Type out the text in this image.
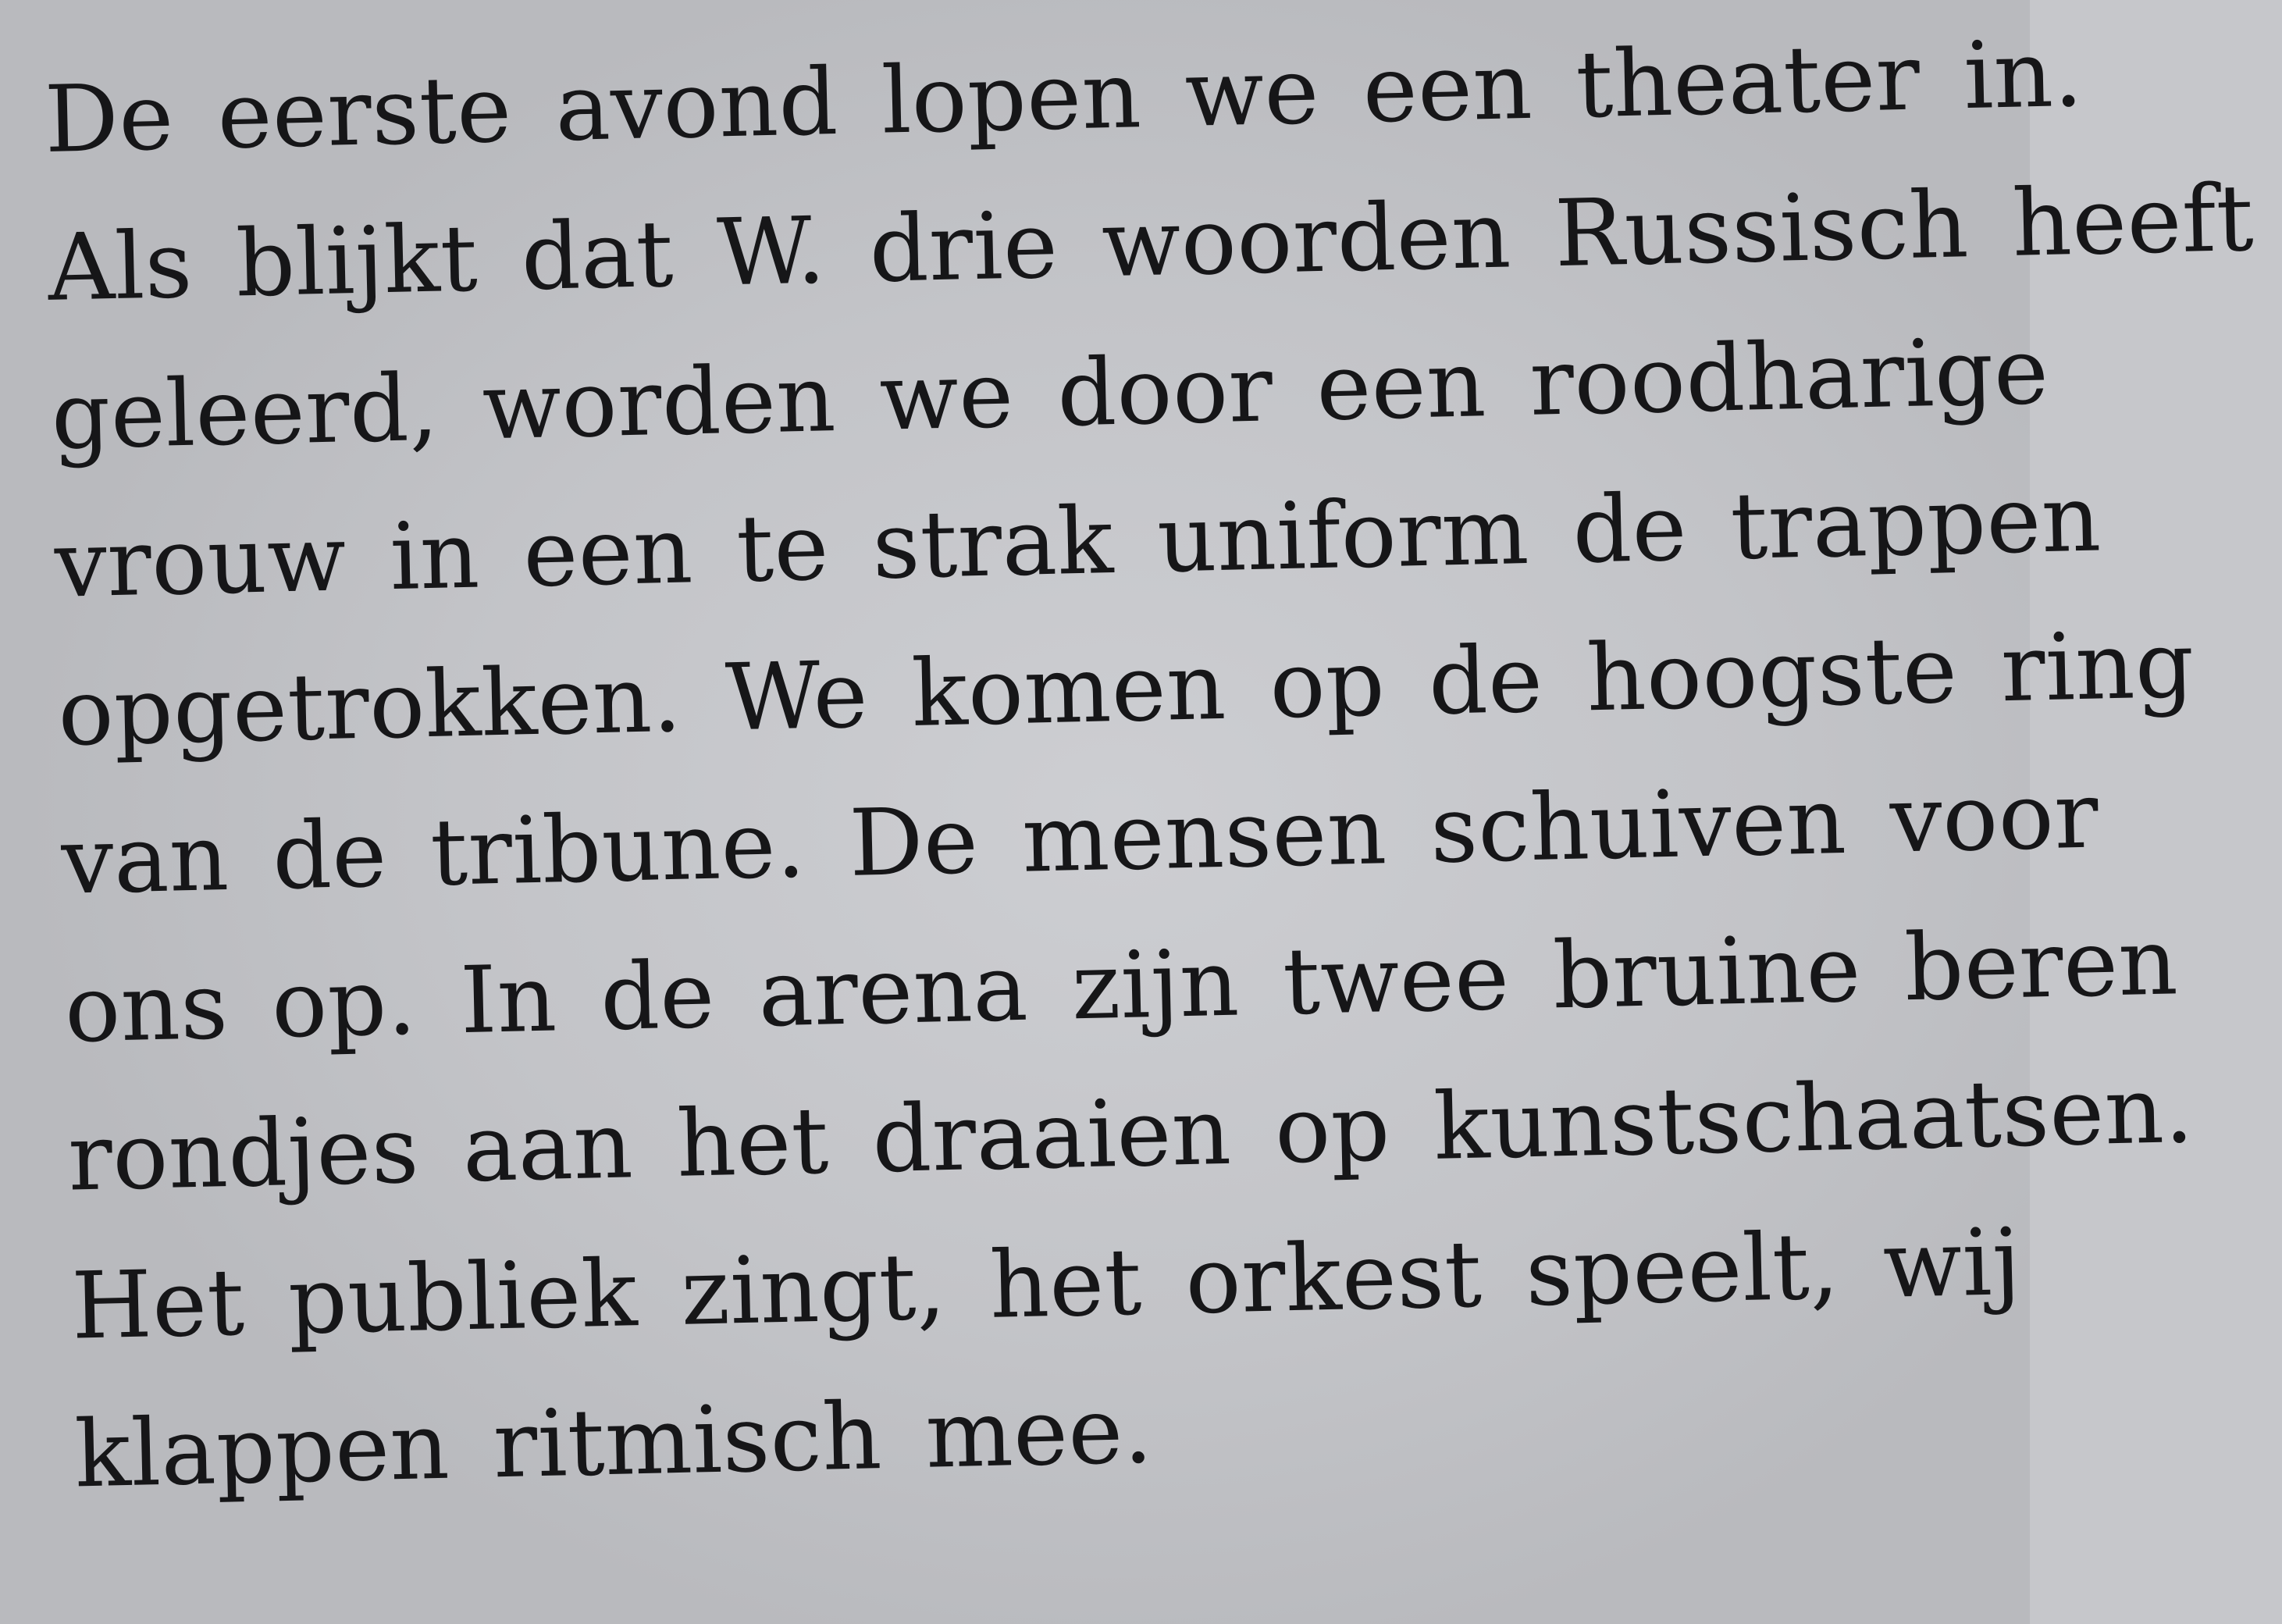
De eerste avond lopen we een theater in.
Als blijkt dat W. drie woorden Russisch heeft
geleerd, worden we door een roodharige
vrouw in een te strak uniform de trappen
opgetrokken. We komen op de hoogste ring
van de tribune. De mensen schuiven voor
ons op. In de arena zijn twee bruine beren
rondjes aan het draaien op kunstschaatsen.
Het publiek zingt, het orkest speelt, wij
klappen ritmisch mee.
